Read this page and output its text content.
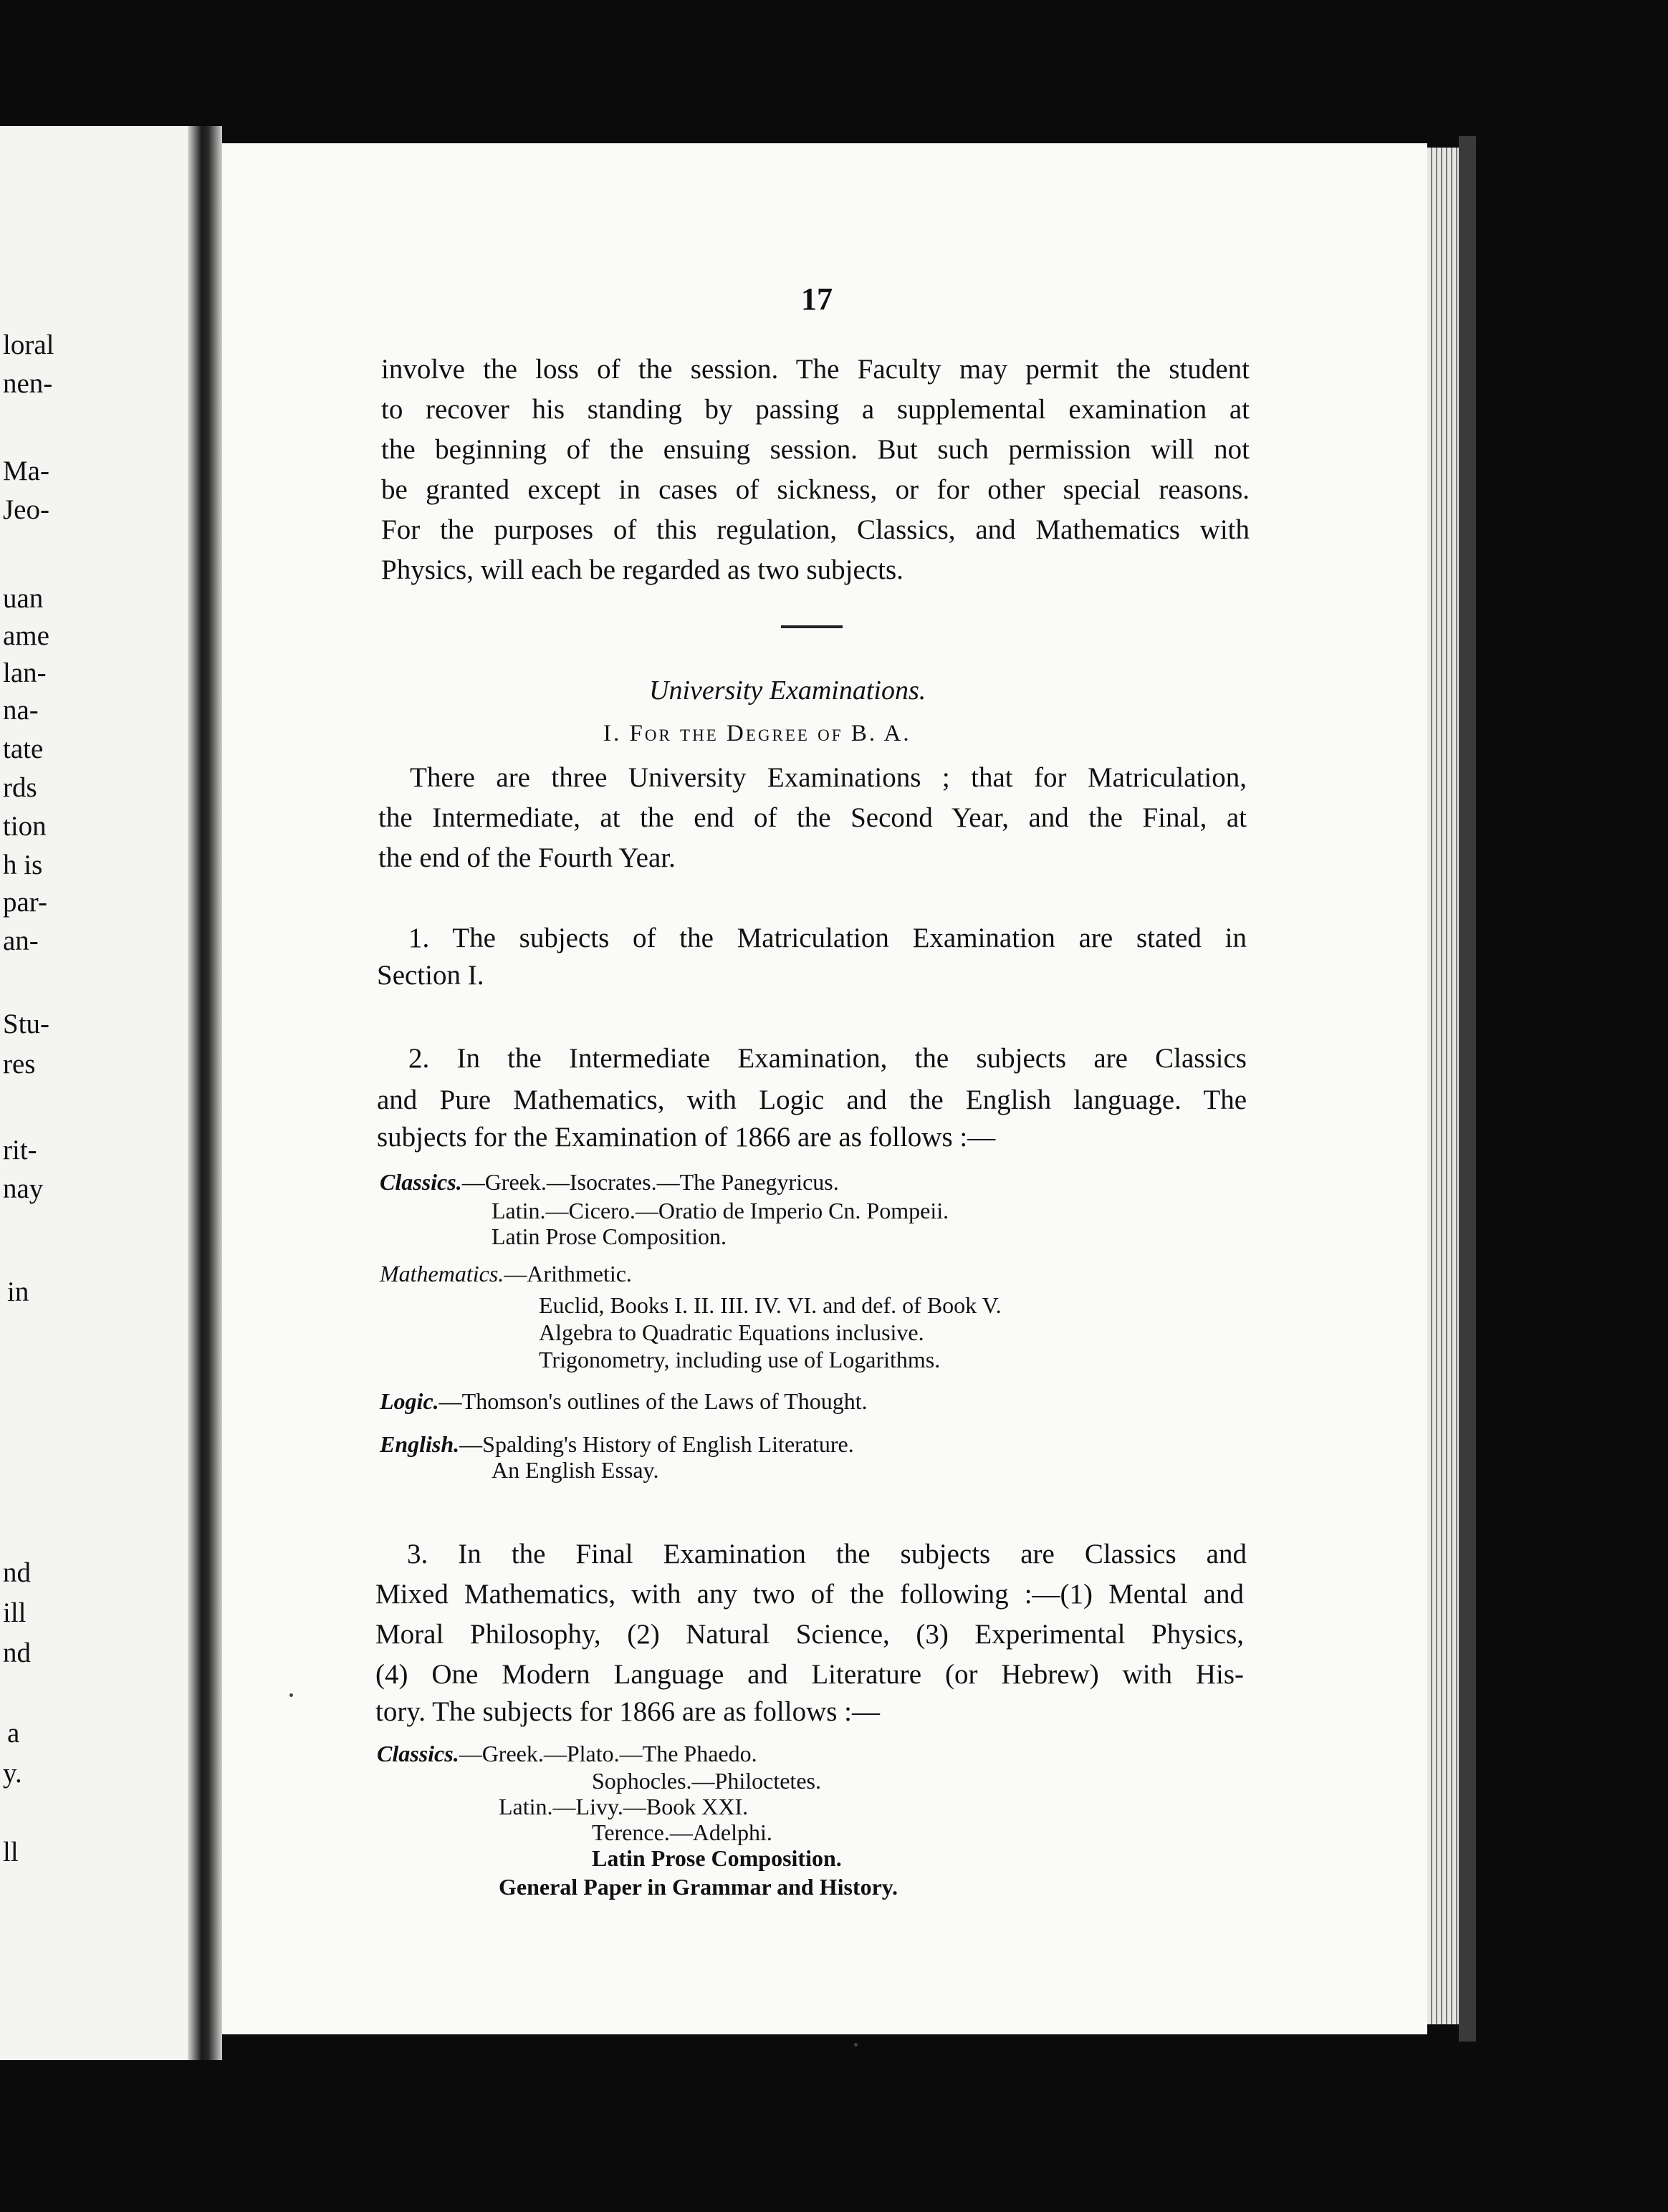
loral
nen-
Ma-
Jeo-
uan
ame
lan-
na-
tate
rds
tion
h is
par-
an-
Stu-
res
rit-
nay
in
nd
ill
nd
a
y.
ll
17
involve the loss of the session. The Faculty may permit the student
to recover his standing by passing a supplemental examination at
the beginning of the ensuing session. But such permission will not
be granted except in cases of sickness, or for other special reasons.
For the purposes of this regulation, Classics, and Mathematics with
Physics, will each be regarded as two subjects.
University Examinations.
I. For the Degree of B. A.
There are three University Examinations ; that for Matriculation,
the Intermediate, at the end of the Second Year, and the Final, at
the end of the Fourth Year.
1. The subjects of the Matriculation Examination are stated in
Section I.
2. In the Intermediate Examination, the subjects are Classics
and Pure Mathematics, with Logic and the English language. The
subjects for the Examination of 1866 are as follows :—
Classics.—Greek.—Isocrates.—The Panegyricus.
Latin.—Cicero.—Oratio de Imperio Cn. Pompeii.
Latin Prose Composition.
Mathematics.—Arithmetic.
Euclid, Books I. II. III. IV. VI. and def. of Book V.
Algebra to Quadratic Equations inclusive.
Trigonometry, including use of Logarithms.
Logic.—Thomson's outlines of the Laws of Thought.
English.—Spalding's History of English Literature.
An English Essay.
3. In the Final Examination the subjects are Classics and
Mixed Mathematics, with any two of the following :—(1) Mental and
Moral Philosophy, (2) Natural Science, (3) Experimental Physics,
(4) One Modern Language and Literature (or Hebrew) with His-
tory. The subjects for 1866 are as follows :—
Classics.—Greek.—Plato.—The Phaedo.
Sophocles.—Philoctetes.
Latin.—Livy.—Book XXI.
Terence.—Adelphi.
Latin Prose Composition.
General Paper in Grammar and History.
